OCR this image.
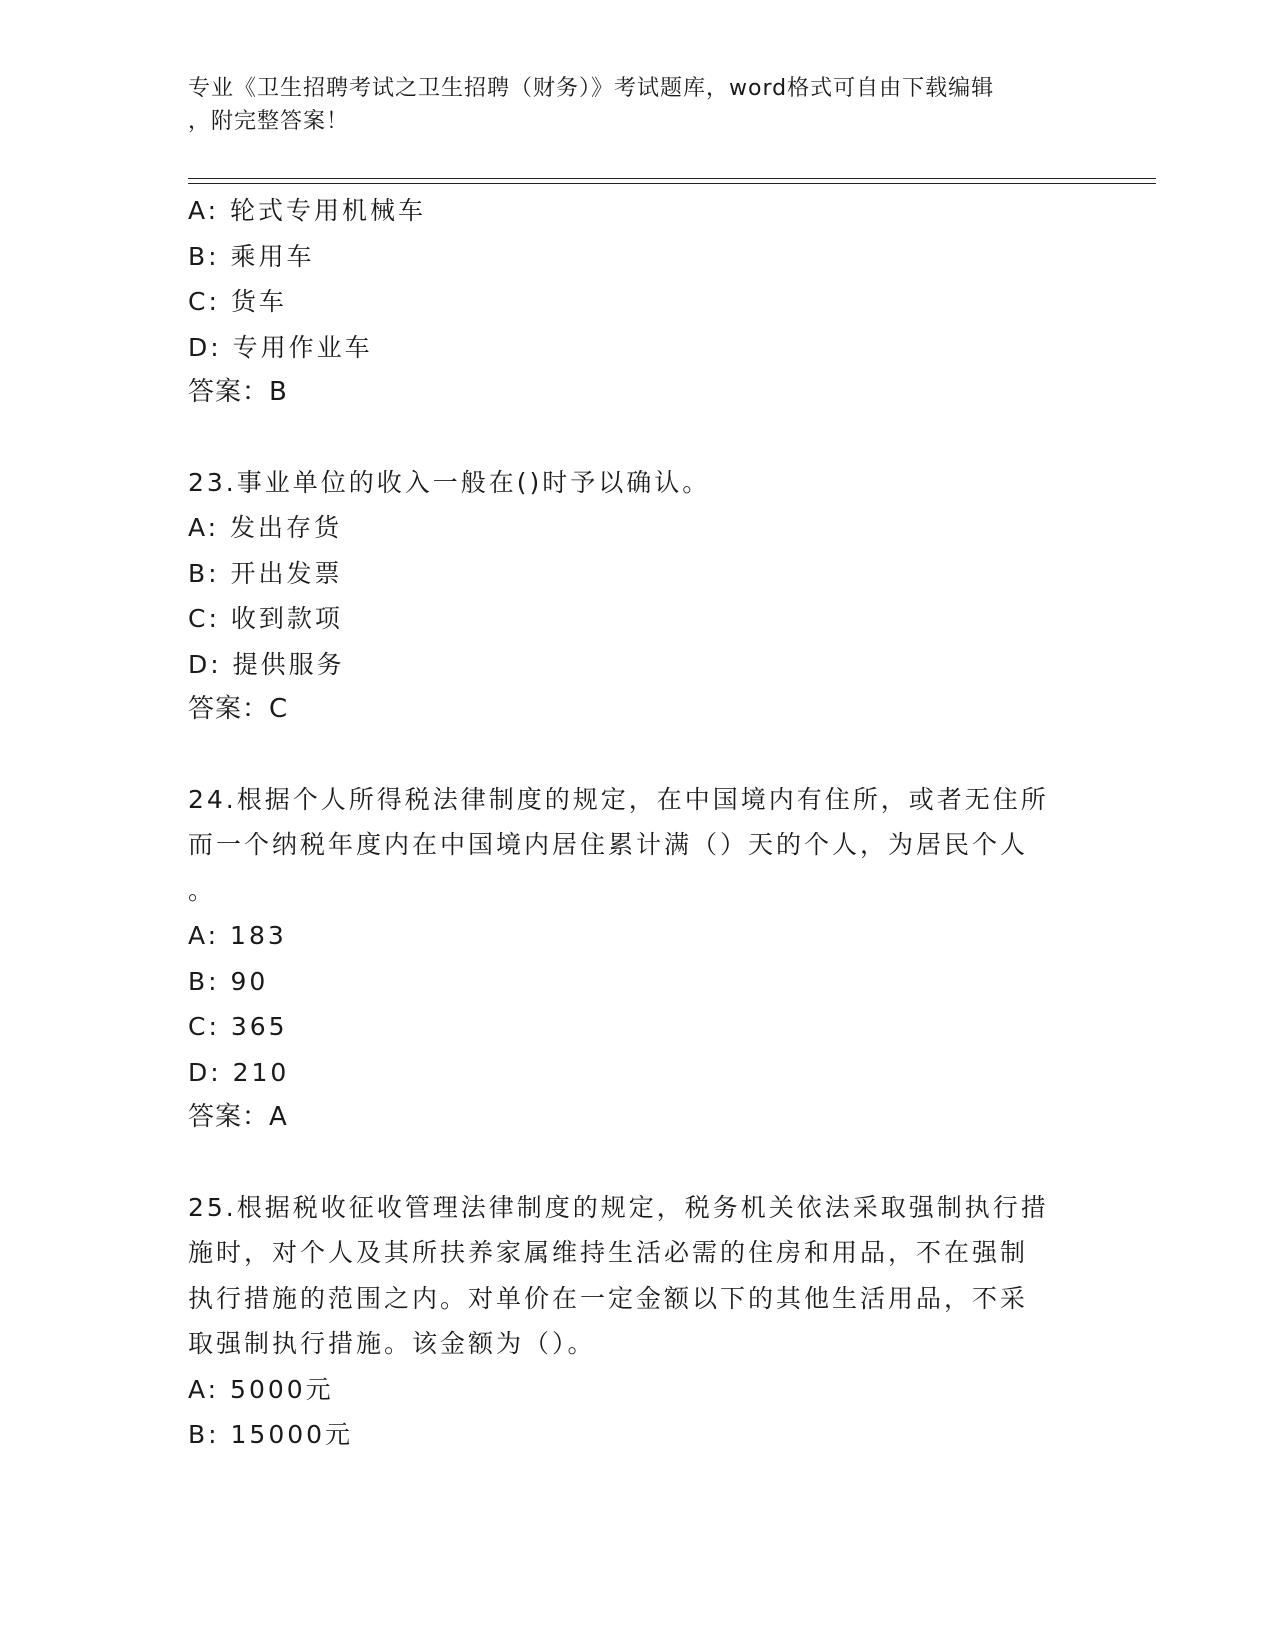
专业《卫生招聘考试之卫生招聘（财务）》考试题库，word格式可自由下载编辑
，附完整答案！
A: 轮式专用机械车
B: 乘用车
C: 货车
D: 专用作业车
答案：B
23.事业单位的收入一般在()时予以确认。
A: 发出存货
B: 开出发票
C: 收到款项
D: 提供服务
答案：C
24.根据个人所得税法律制度的规定，在中国境内有住所，或者无住所
而一个纳税年度内在中国境内居住累计满（）天的个人，为居民个人
。
A: 183
B: 90
C: 365
D: 210
答案：A
25.根据税收征收管理法律制度的规定，税务机关依法采取强制执行措
施时，对个人及其所扶养家属维持生活必需的住房和用品，不在强制
执行措施的范围之内。对单价在一定金额以下的其他生活用品，不采
取强制执行措施。该金额为（）。
A: 5000元
B: 15000元
